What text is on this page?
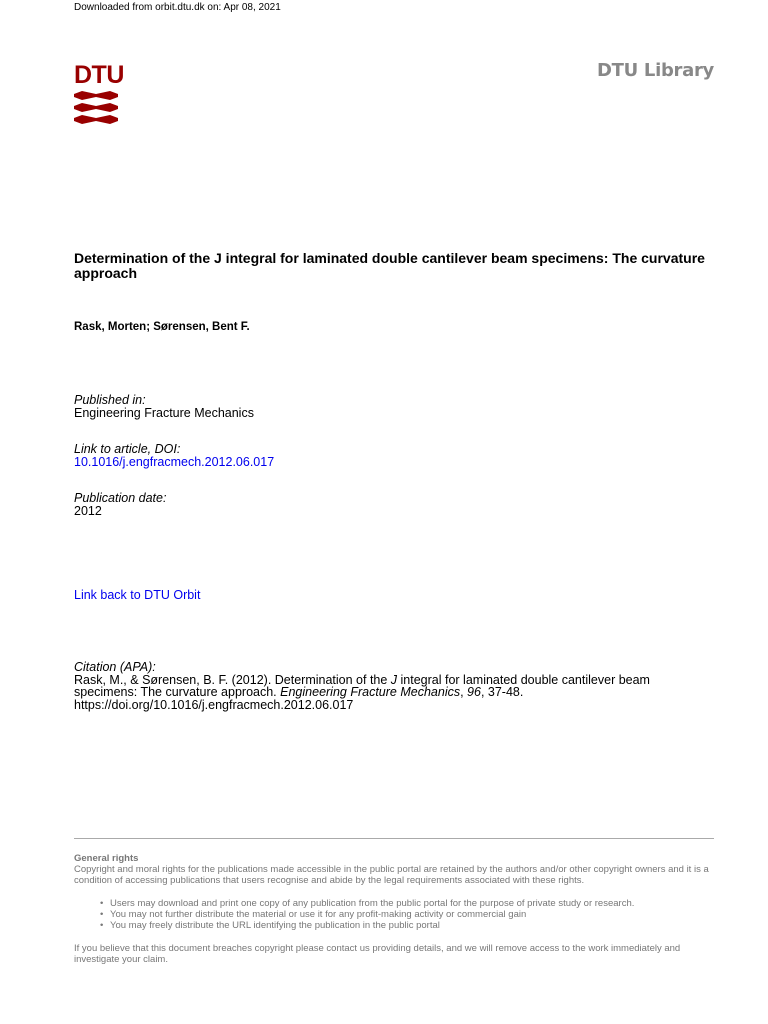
Downloaded from orbit.dtu.dk on: Apr 08, 2021
DTU	DTU Library
Determination of the J integral for laminated double cantilever beam specimens: The curvature approach
Rask, Morten; Sørensen, Bent F.
Published in:
Engineering Fracture Mechanics
Link to article, DOI:
10.1016/j.engfracmech.2012.06.017
Publication date:
2012
Link back to DTU Orbit
Citation (APA):
Rask, M., & Sørensen, B. F. (2012). Determination of the J integral for laminated double cantilever beam specimens: The curvature approach. Engineering Fracture Mechanics, 96, 37-48.
https://doi.org/10.1016/j.engfracmech.2012.06.017
General rights
Copyright and moral rights for the publications made accessible in the public portal are retained by the authors and/or other copyright owners and it is a condition of accessing publications that users recognise and abide by the legal requirements associated with these rights.
• Users may download and print one copy of any publication from the public portal for the purpose of private study or research.
• You may not further distribute the material or use it for any profit-making activity or commercial gain
• You may freely distribute the URL identifying the publication in the public portal
If you believe that this document breaches copyright please contact us providing details, and we will remove access to the work immediately and investigate your claim.
